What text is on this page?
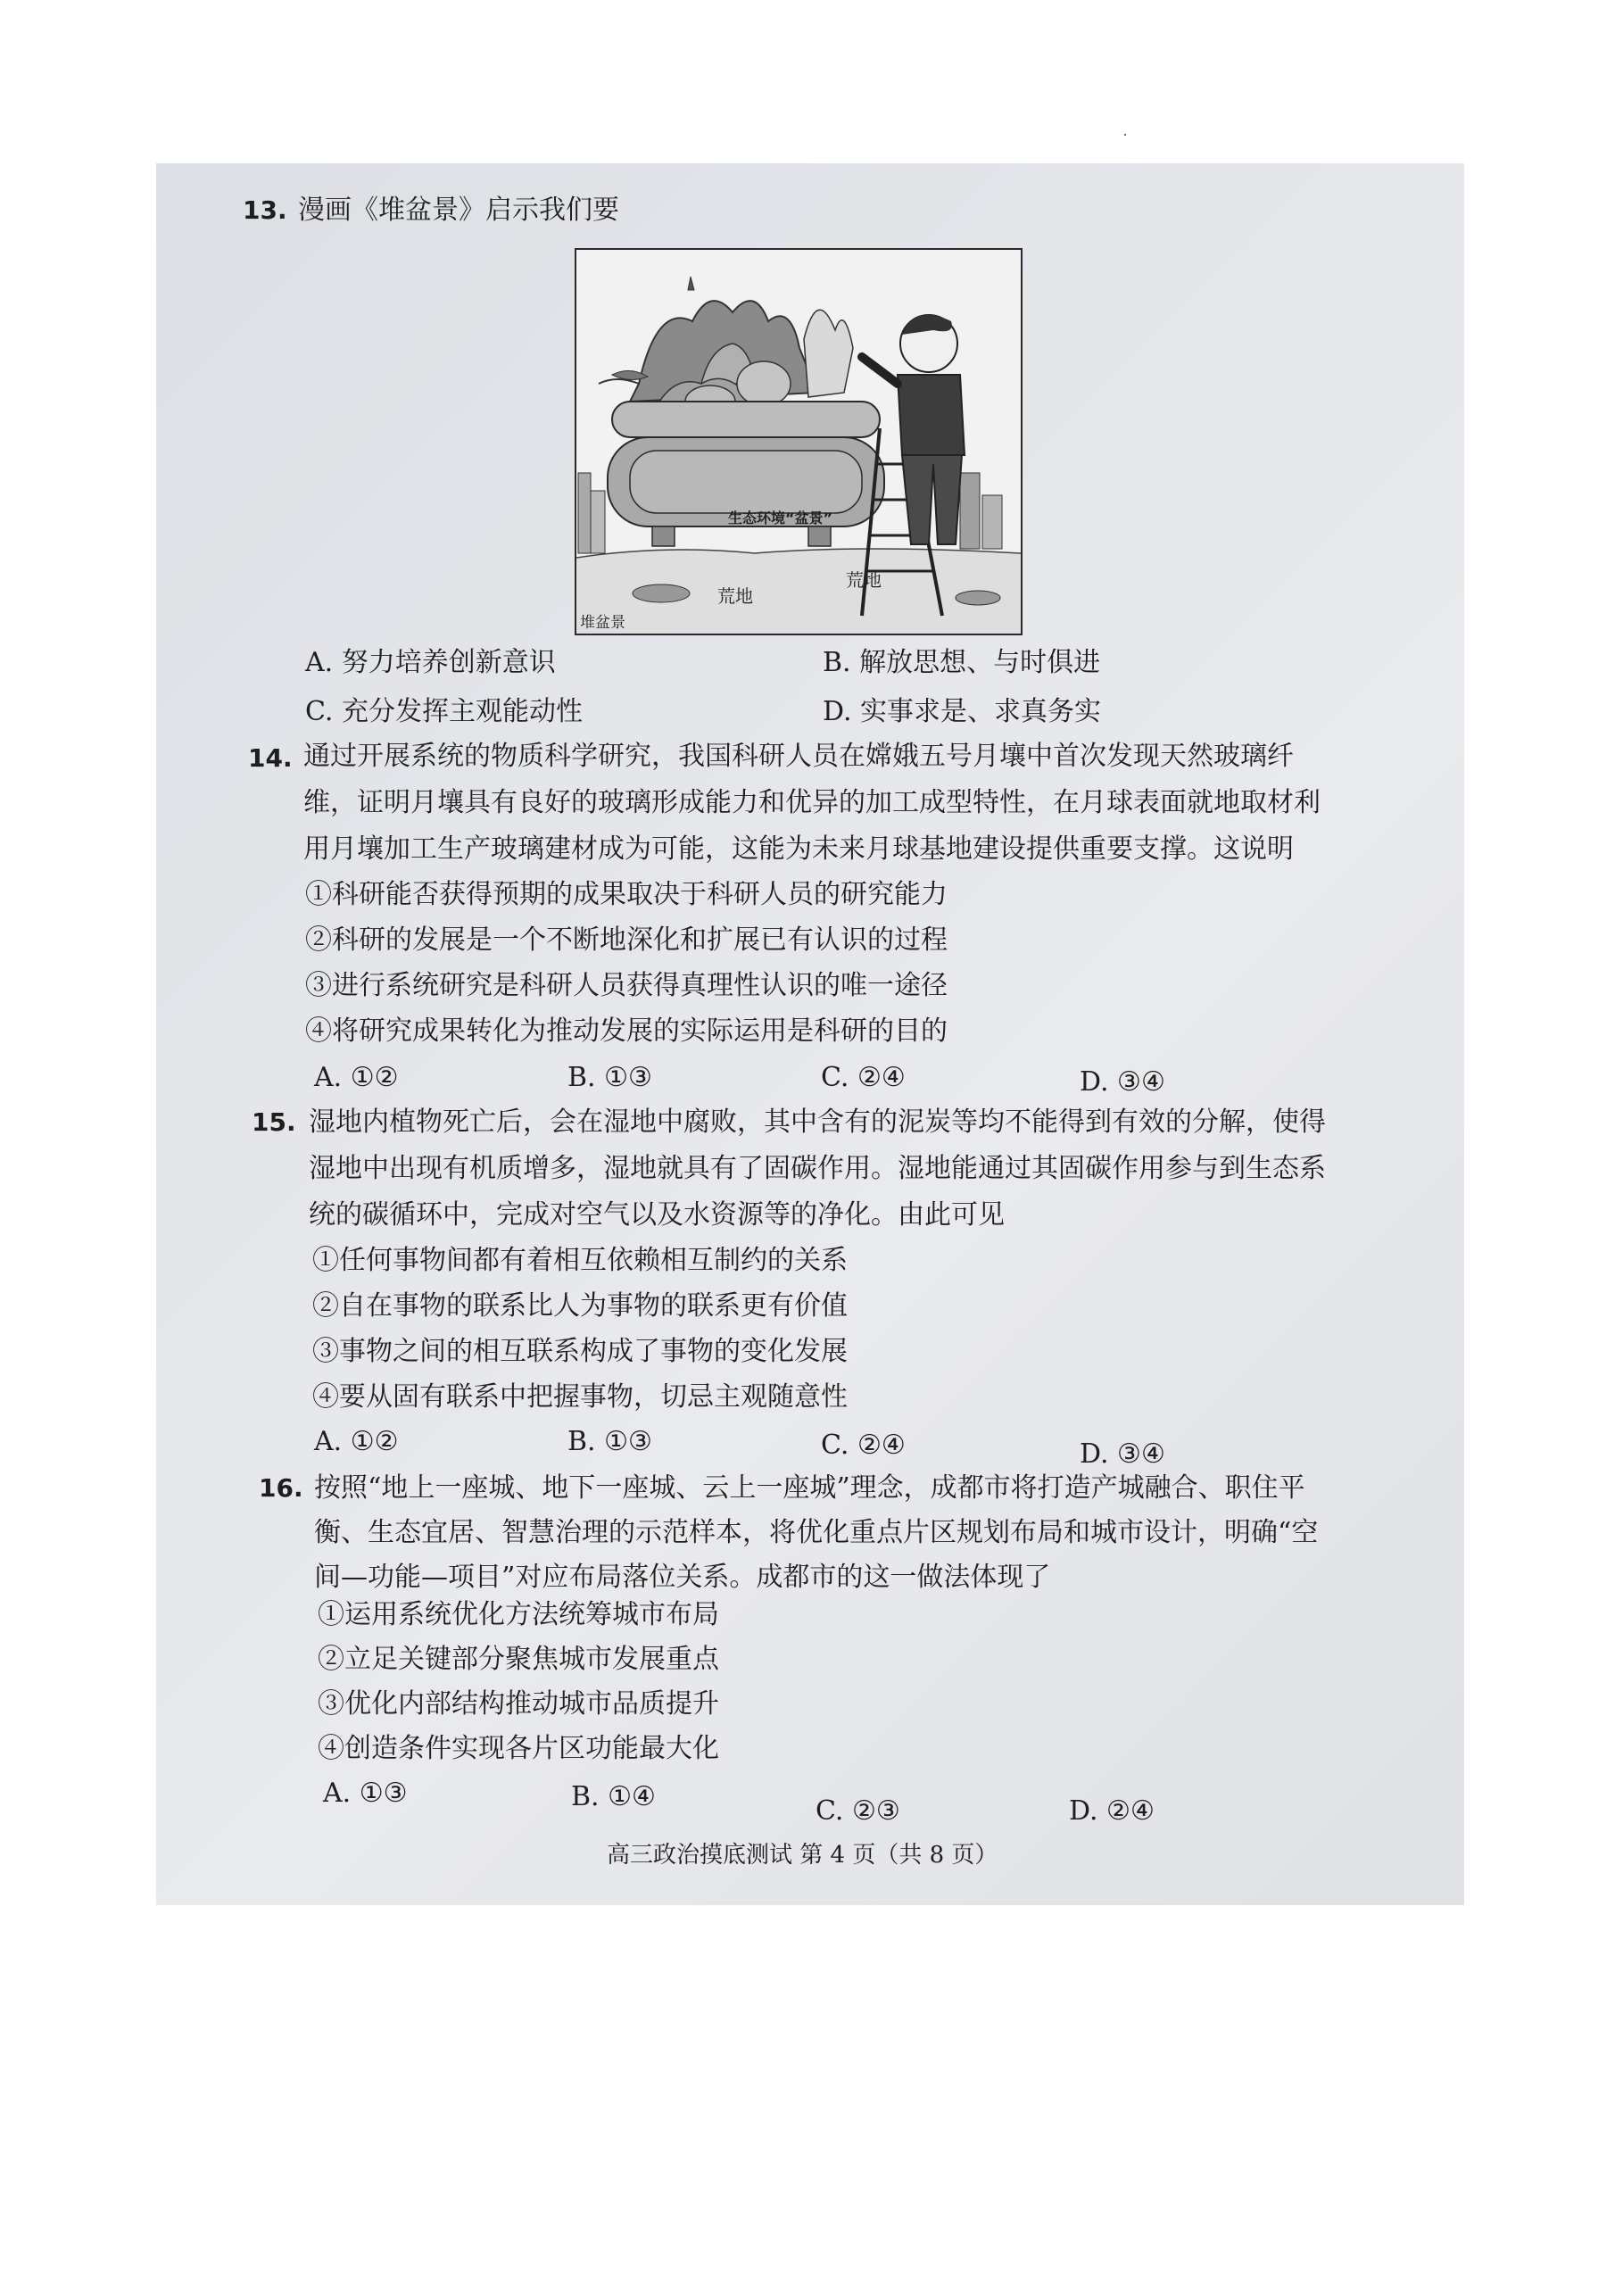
13. 漫画《堆盆景》启示我们要
生态环境“盆景”
荒地
荒地
堆盆景
A. 努力培养创新意识	B. 解放思想、与时俱进
C. 充分发挥主观能动性	D. 实事求是、求真务实
14. 通过开展系统的物质科学研究，我国科研人员在嫦娥五号月壤中首次发现天然玻璃纤
维，证明月壤具有良好的玻璃形成能力和优异的加工成型特性，在月球表面就地取材利
用月壤加工生产玻璃建材成为可能，这能为未来月球基地建设提供重要支撑。这说明
①科研能否获得预期的成果取决于科研人员的研究能力
②科研的发展是一个不断地深化和扩展已有认识的过程
③进行系统研究是科研人员获得真理性认识的唯一途径
④将研究成果转化为推动发展的实际运用是科研的目的
A. ①②	B. ①③	C. ②④	D. ③④
15. 湿地内植物死亡后，会在湿地中腐败，其中含有的泥炭等均不能得到有效的分解，使得
湿地中出现有机质增多，湿地就具有了固碳作用。湿地能通过其固碳作用参与到生态系
统的碳循环中，完成对空气以及水资源等的净化。由此可见
①任何事物间都有着相互依赖相互制约的关系
②自在事物的联系比人为事物的联系更有价值
③事物之间的相互联系构成了事物的变化发展
④要从固有联系中把握事物，切忌主观随意性
A. ①②	B. ①③	C. ②④	D. ③④
16. 按照“地上一座城、地下一座城、云上一座城”理念，成都市将打造产城融合、职住平
衡、生态宜居、智慧治理的示范样本，将优化重点片区规划布局和城市设计，明确“空
间—功能—项目”对应布局落位关系。成都市的这一做法体现了
①运用系统优化方法统筹城市布局
②立足关键部分聚焦城市发展重点
③优化内部结构推动城市品质提升
④创造条件实现各片区功能最大化
A. ①③	B. ①④	C. ②③	D. ②④
高三政治摸底测试 第 4 页（共 8 页）
